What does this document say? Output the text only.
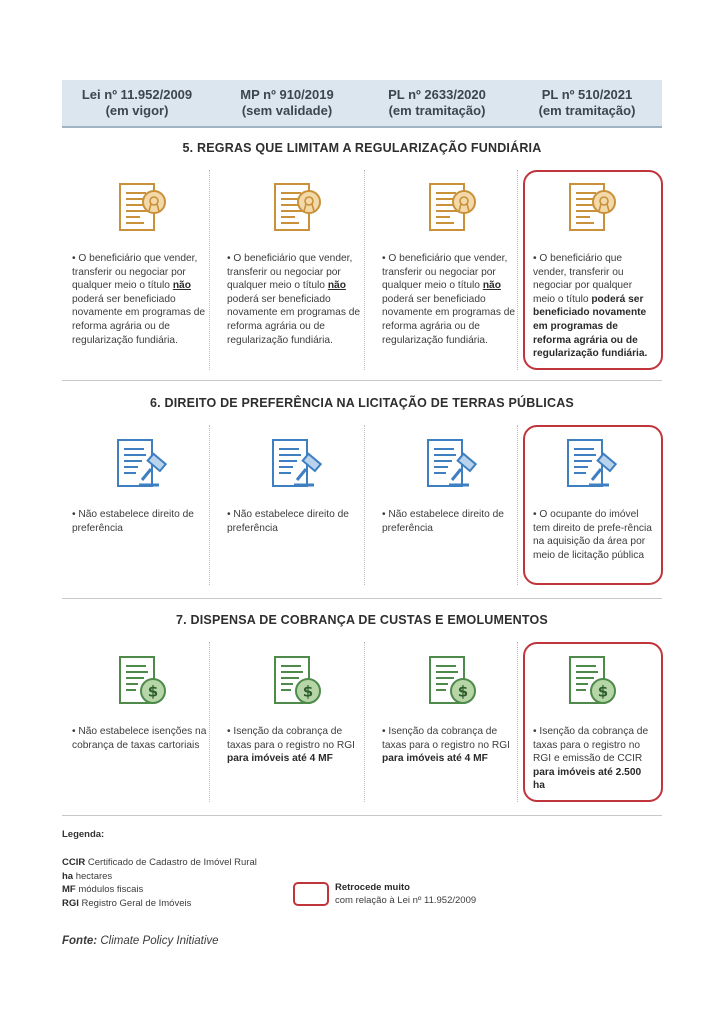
Lei nº 11.952/2009
(em vigor)
MP nº 910/2019
(sem validade)
PL nº 2633/2020
(em tramitação)
PL nº 510/2021
(em tramitação)
5. REGRAS QUE LIMITAM A REGULARIZAÇÃO FUNDIÁRIA
6. DIREITO DE PREFERÊNCIA NA LICITAÇÃO DE TERRAS PÚBLICAS
7. DISPENSA DE COBRANÇA DE CUSTAS E EMOLUMENTOS
• O beneficiário que vender, transferir ou negociar por qualquer meio o título não poderá ser beneficiado novamente em programas de reforma agrária ou de regularização fundiária.
• O beneficiário que vender, transferir ou negociar por qualquer meio o título não poderá ser beneficiado novamente em programas de reforma agrária ou de regularização fundiária.
• O beneficiário que vender, transferir ou negociar por qualquer meio o título não poderá ser beneficiado novamente em programas de reforma agrária ou de regularização fundiária.
• O beneficiário que vender, transferir ou negociar por qualquer meio o título poderá ser beneficiado novamente em programas de reforma agrária ou de regularização fundiária.
• Não estabelece direito de preferência
• Não estabelece direito de preferência
• Não estabelece direito de preferência
• O ocupante do imóvel tem direito de prefe-rência na aquisição da área por meio de licitação pública
$
• Não estabelece isenções na cobrança de taxas cartoriais
$
• Isenção da cobrança de taxas para o registro no RGI para imóveis até 4 MF
$
• Isenção da cobrança de taxas para o registro no RGI para imóveis até 4 MF
$
• Isenção da cobrança de taxas para o registro no RGI e emissão de CCIR para imóveis até 2.500 ha
Legenda:
CCIR Certificado de Cadastro de Imóvel Rural
ha hectares
MF módulos fiscais
RGI Registro Geral de Imóveis
Retrocede muito
com relação à Lei nº 11.952/2009
Fonte: Climate Policy Initiative
